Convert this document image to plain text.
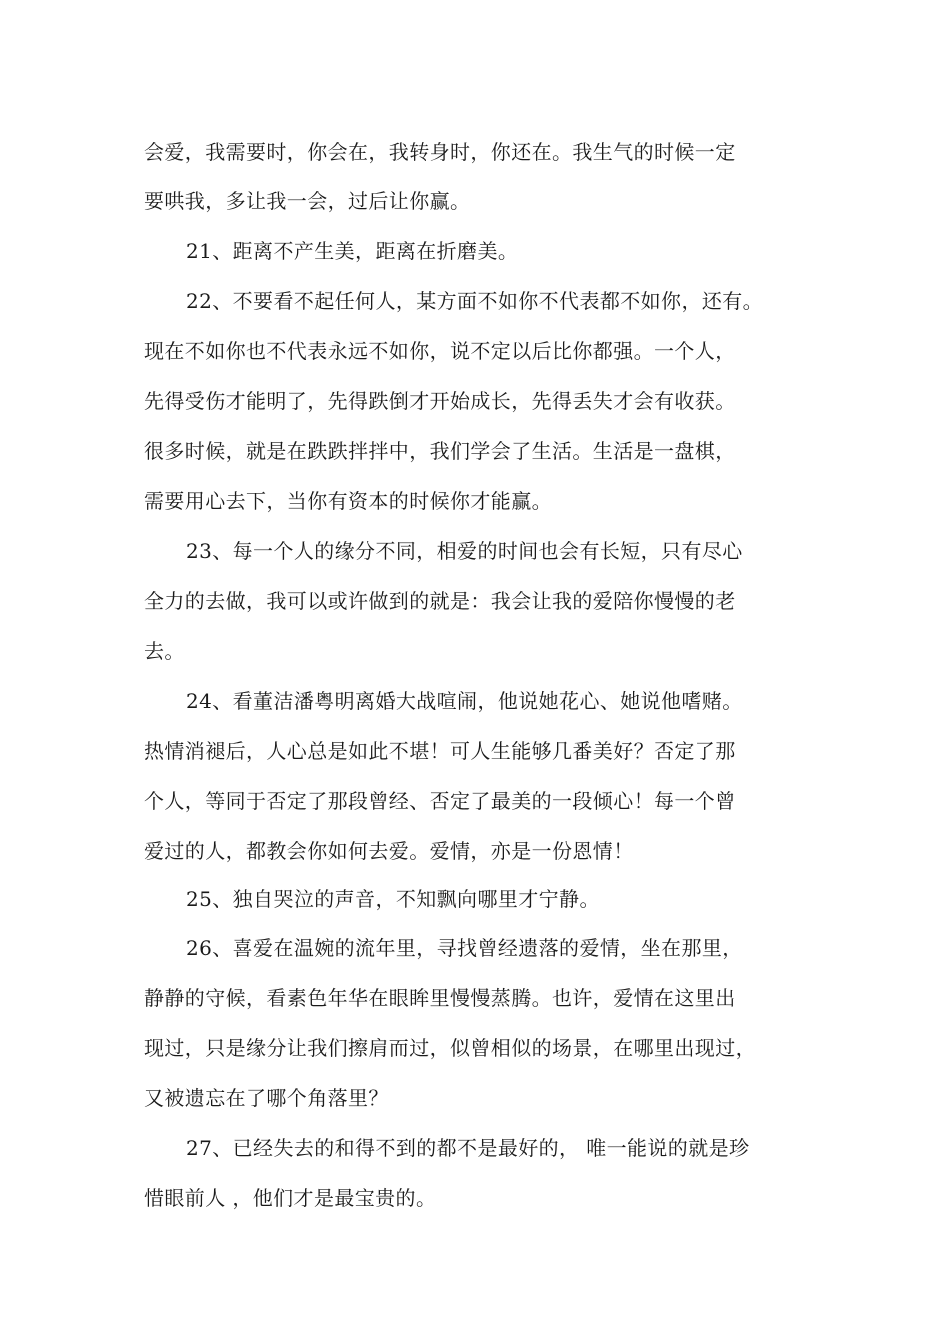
会爱，我需要时，你会在，我转身时，你还在。我生气的时候一定

要哄我，多让我一会，过后让你赢。

21、距离不产生美，距离在折磨美。

22、不要看不起任何人，某方面不如你不代表都不如你，还有。

现在不如你也不代表永远不如你，说不定以后比你都强。一个人，

先得受伤才能明了，先得跌倒才开始成长，先得丢失才会有收获。

很多时候，就是在跌跌拌拌中，我们学会了生活。生活是一盘棋，

需要用心去下，当你有资本的时候你才能赢。

23、每一个人的缘分不同，相爱的时间也会有长短，只有尽心

全力的去做，我可以或许做到的就是：我会让我的爱陪你慢慢的老

去。

24、看董洁潘粤明离婚大战喧闹，他说她花心、她说他嗜赌。

热情消褪后，人心总是如此不堪！可人生能够几番美好？否定了那

个人，等同于否定了那段曾经、否定了最美的一段倾心！每一个曾

爱过的人，都教会你如何去爱。爱情，亦是一份恩情！

25、独自哭泣的声音，不知飘向哪里才宁静。

26、喜爱在温婉的流年里，寻找曾经遗落的爱情，坐在那里，

静静的守候，看素色年华在眼眸里慢慢蒸腾。也许，爱情在这里出

现过，只是缘分让我们擦肩而过，似曾相似的场景，在哪里出现过，

又被遗忘在了哪个角落里？

27、已经失去的和得不到的都不是最好的， 唯一能说的就是珍

惜眼前人 ，他们才是最宝贵的。
